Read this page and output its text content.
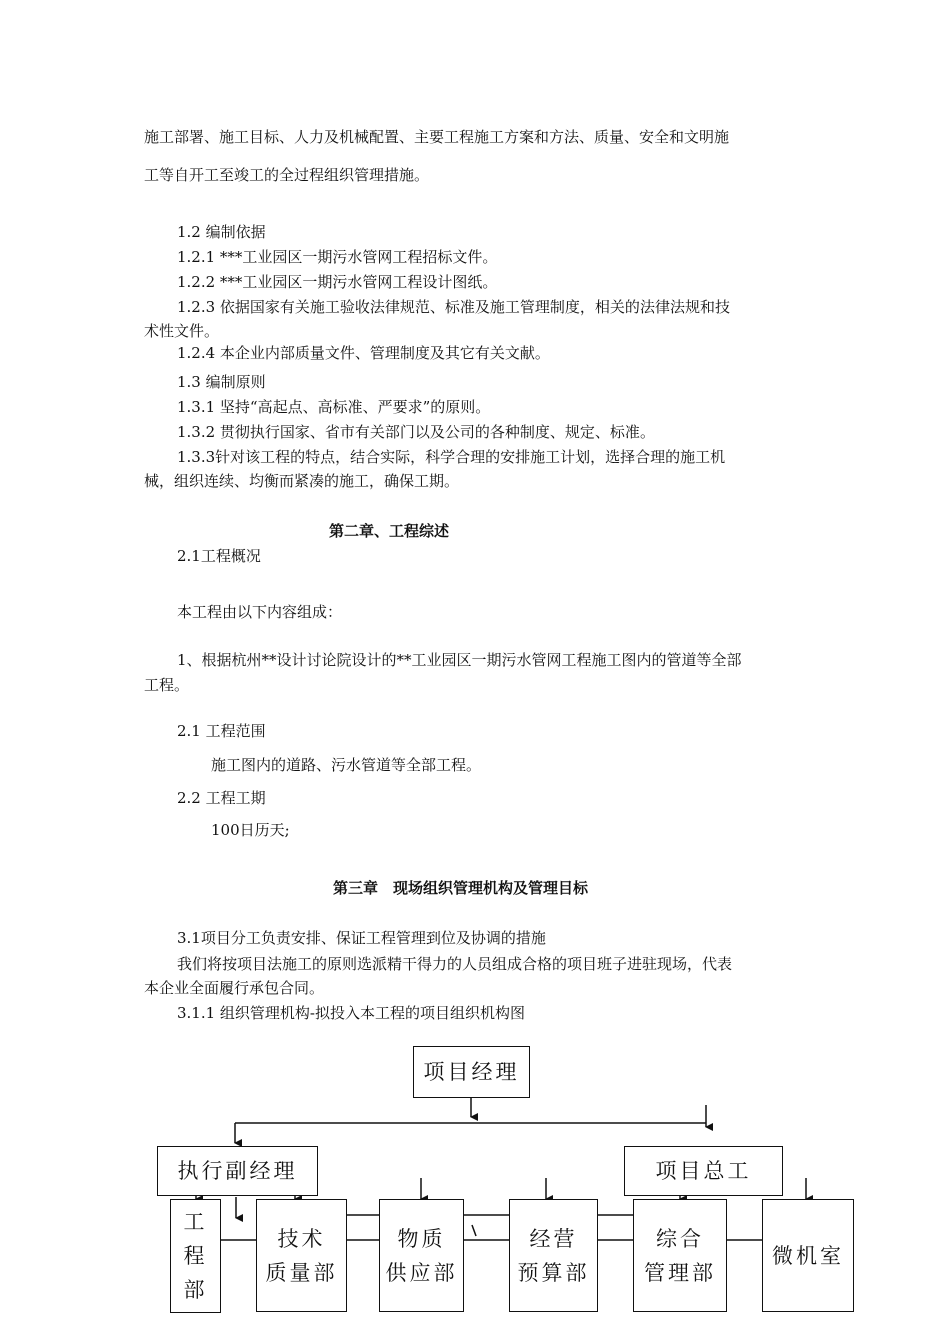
施工部署、施工目标、人力及机械配置、主要工程施工方案和方法、质量、安全和文明施
工等自开工至竣工的全过程组织管理措施。
1.2 编制依据
1.2.1 ***工业园区一期污水管网工程招标文件。
1.2.2 ***工业园区一期污水管网工程设计图纸。
1.2.3 依据国家有关施工验收法律规范、标准及施工管理制度，相关的法律法规和技
术性文件。
1.2.4 本企业内部质量文件、管理制度及其它有关文献。
1.3 编制原则
1.3.1 坚持“高起点、高标准、严要求”的原则。
1.3.2 贯彻执行国家、省市有关部门以及公司的各种制度、规定、标准。
1.3.3针对该工程的特点，结合实际，科学合理的安排施工计划，选择合理的施工机
械，组织连续、均衡而紧凑的施工，确保工期。
第二章、工程综述
2.1工程概况
本工程由以下内容组成：
1、根据杭州**设计讨论院设计的**工业园区一期污水管网工程施工图内的管道等全部
工程。
2.1 工程范围
施工图内的道路、污水管道等全部工程。
2.2 工程工期
100日历天;
第三章　现场组织管理机构及管理目标
3.1项目分工负责安排、保证工程管理到位及协调的措施
我们将按项目法施工的原则选派精干得力的人员组成合格的项目班子进驻现场，代表
本企业全面履行承包合同。
3.1.1 组织管理机构-拟投入本工程的项目组织机构图
项目经理
执行副经理	项目总工
工
程
部
技术
质量部
物质
供应部
经营
预算部
综合
管理部
微机室
